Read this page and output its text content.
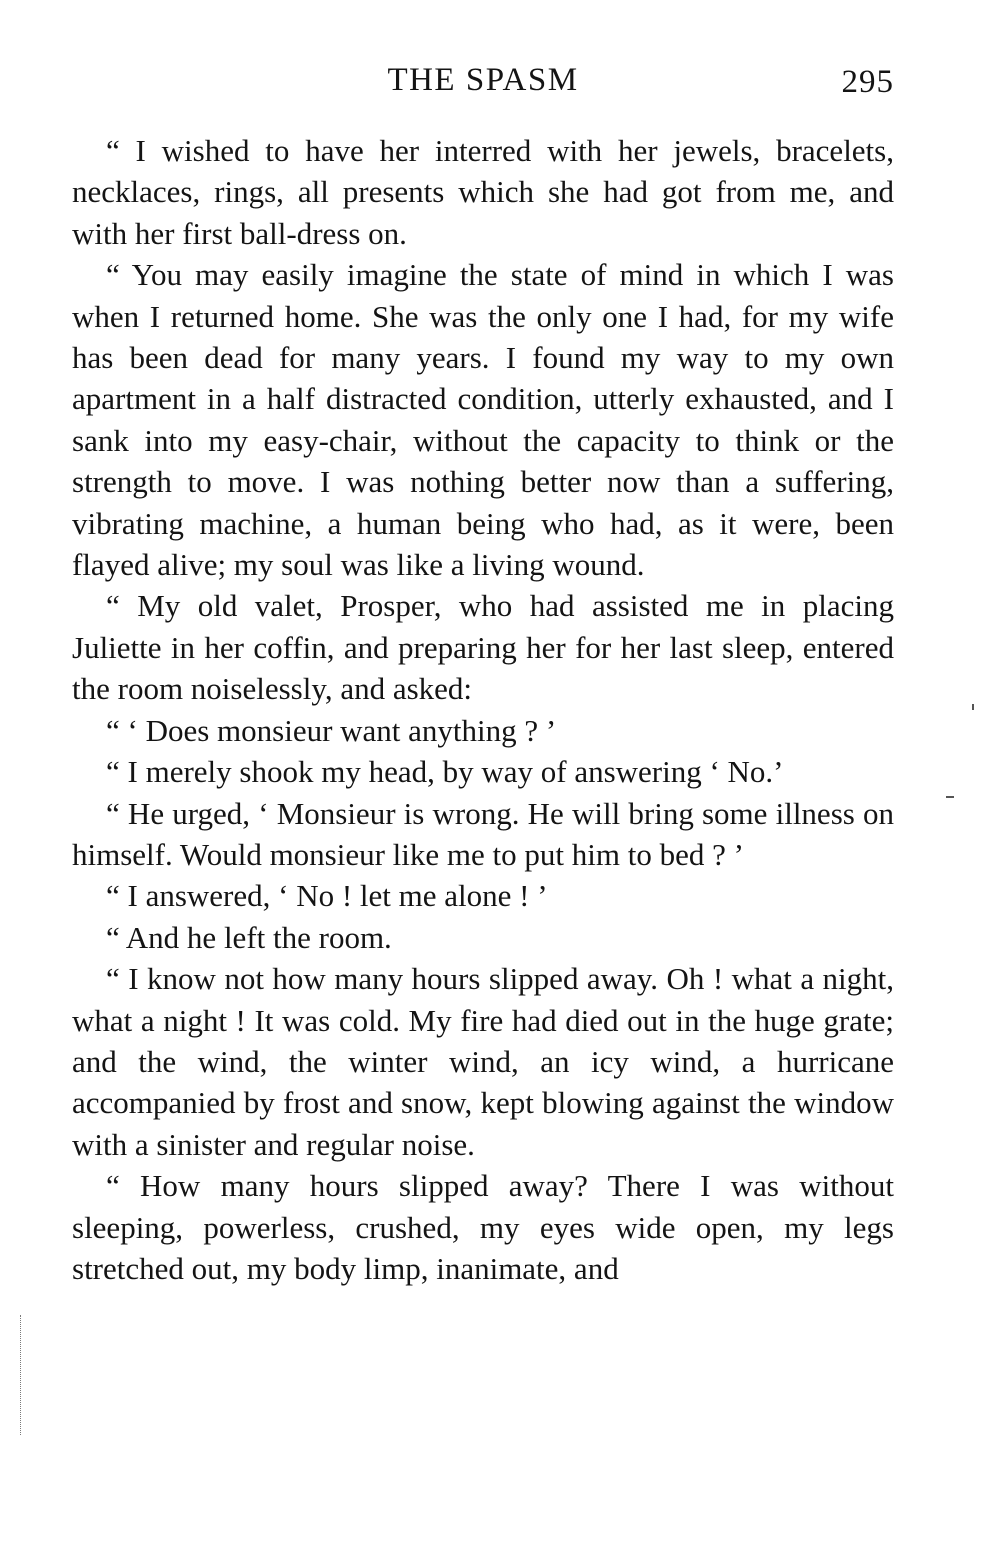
THE SPASM	295

“ I wished to have her interred with her jewels, bracelets, necklaces, rings, all presents which she had got from me, and with her first ball-dress on.

“ You may easily imagine the state of mind in which I was when I returned home. She was the only one I had, for my wife has been dead for many years. I found my way to my own apartment in a half distracted condition, utterly exhausted, and I sank into my easy-chair, without the capacity to think or the strength to move. I was nothing better now than a suffering, vibrating machine, a human being who had, as it were, been flayed alive; my soul was like a living wound.

“ My old valet, Prosper, who had assisted me in placing Juliette in her coffin, and preparing her for her last sleep, entered the room noiselessly, and asked:

“ ‘ Does monsieur want anything ? ’

“ I merely shook my head, by way of answering ‘ No.’

“ He urged, ‘ Monsieur is wrong. He will bring some illness on himself. Would monsieur like me to put him to bed ? ’

“ I answered, ‘ No ! let me alone ! ’

“ And he left the room.

“ I know not how many hours slipped away. Oh ! what a night, what a night ! It was cold. My fire had died out in the huge grate; and the wind, the winter wind, an icy wind, a hurricane accompanied by frost and snow, kept blowing against the window with a sinister and regular noise.

“ How many hours slipped away? There I was without sleeping, powerless, crushed, my eyes wide open, my legs stretched out, my body limp, inanimate, and
